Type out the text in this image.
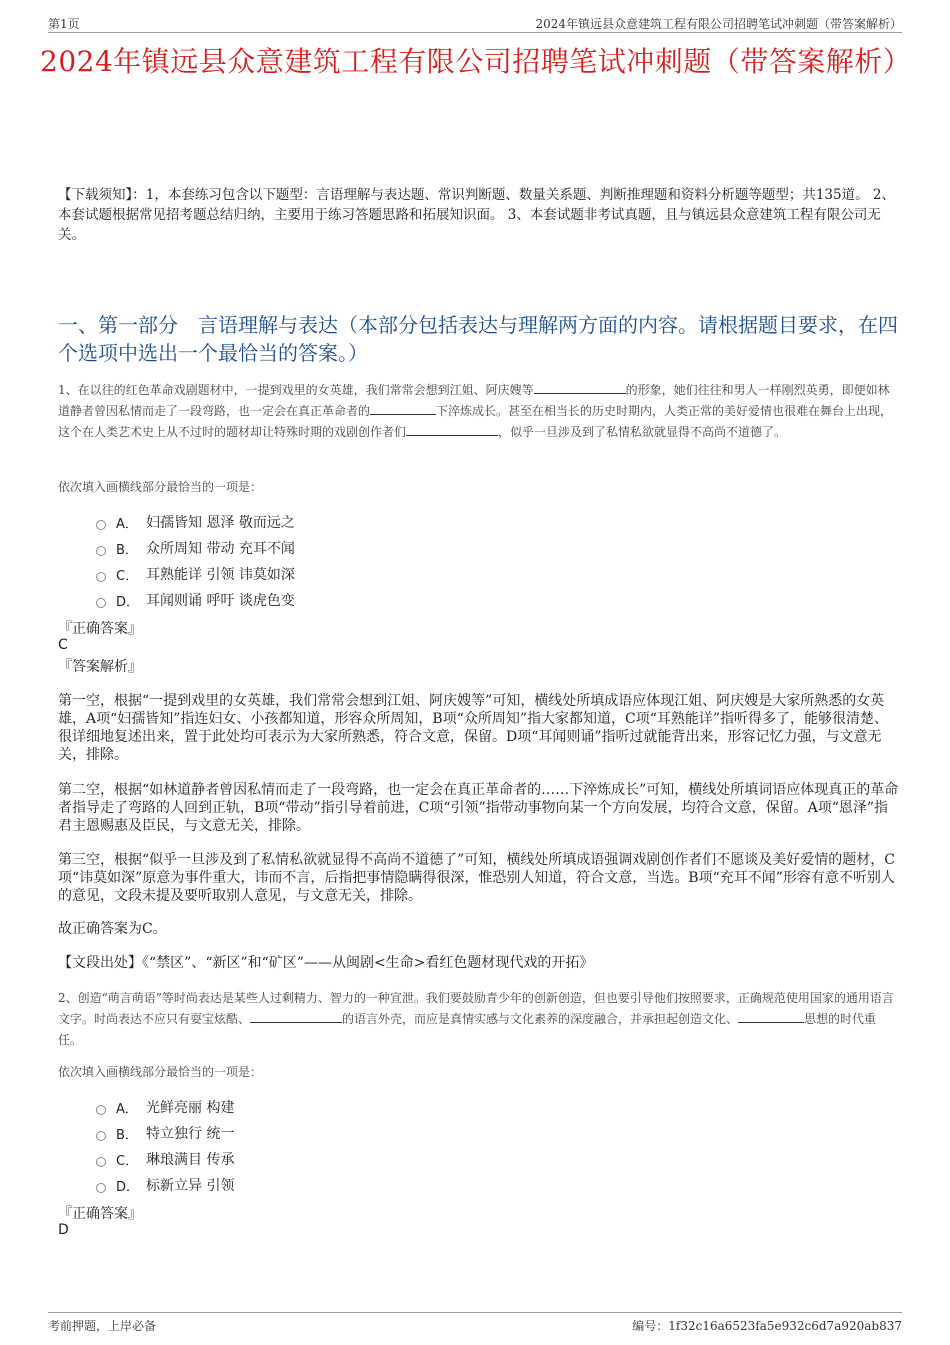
第1页	2024年镇远县众意建筑工程有限公司招聘笔试冲刺题（带答案解析）
2024年镇远县众意建筑工程有限公司招聘笔试冲刺题（带答案解析）
【下载须知】：1，本套练习包含以下题型：言语理解与表达题、常识判断题、数量关系题、判断推理题和资料分析题等题型；共135道。 2、本套试题根据常见招考题总结归纳，主要用于练习答题思路和拓展知识面。 3、本套试题非考试真题，且与镇远县众意建筑工程有限公司无关。
一、第一部分　言语理解与表达（本部分包括表达与理解两方面的内容。请根据题目要求，在四个选项中选出一个最恰当的答案。）
1、在以往的红色革命戏剧题材中，一提到戏里的女英雄，我们常常会想到江姐、阿庆嫂等	的形象，她们往往和男人一样刚烈英勇，即便如林道静者曾因私情而走了一段弯路，也一定会在真正革命者的	下淬炼成长。甚至在相当长的历史时期内，人类正常的美好爱情也很难在舞台上出现，这个在人类艺术史上从不过时的题材却让特殊时期的戏剧创作者们	，似乎一旦涉及到了私情私欲就显得不高尚不道德了。
依次填入画横线部分最恰当的一项是：
A． 妇孺皆知 恩泽 敬而远之
B． 众所周知 带动 充耳不闻
C． 耳熟能详 引领 讳莫如深
D． 耳闻则诵 呼吁 谈虎色变
『正确答案』
C
『答案解析』
第一空，根据“一提到戏里的女英雄，我们常常会想到江姐、阿庆嫂等”可知，横线处所填成语应体现江姐、阿庆嫂是大家所熟悉的女英雄，A项“妇孺皆知”指连妇女、小孩都知道，形容众所周知，B项“众所周知”指大家都知道，C项“耳熟能详”指听得多了，能够很清楚、很详细地复述出来，置于此处均可表示为大家所熟悉，符合文意，保留。D项“耳闻则诵”指听过就能背出来，形容记忆力强，与文意无关，排除。
第二空，根据“如林道静者曾因私情而走了一段弯路，也一定会在真正革命者的……下淬炼成长”可知，横线处所填词语应体现真正的革命者指导走了弯路的人回到正轨，B项“带动”指引导着前进，C项“引领”指带动事物向某一个方向发展，均符合文意，保留。A项“恩泽”指君主恩赐惠及臣民，与文意无关，排除。
第三空，根据“似乎一旦涉及到了私情私欲就显得不高尚不道德了”可知，横线处所填成语强调戏剧创作者们不愿谈及美好爱情的题材，C项“讳莫如深”原意为事件重大，讳而不言，后指把事情隐瞒得很深，惟恐别人知道，符合文意，当选。B项“充耳不闻”形容有意不听别人的意见，文段未提及要听取别人意见，与文意无关，排除。
故正确答案为C。
【文段出处】《“禁区”、“新区”和“矿区”——从闽剧<生命>看红色题材现代戏的开拓》
2、创造“萌言萌语”等时尚表达是某些人过剩精力、智力的一种宣泄。我们要鼓励青少年的创新创造，但也要引导他们按照要求，正确规范使用国家的通用语言文字。时尚表达不应只有耍宝炫酷、	的语言外壳，而应是真情实感与文化素养的深度融合，并承担起创造文化、	思想的时代重任。
依次填入画横线部分最恰当的一项是：
A． 光鲜亮丽 构建
B． 特立独行 统一
C． 琳琅满目 传承
D． 标新立异 引领
『正确答案』
D
考前押题，上岸必备	编号：1f32c16a6523fa5e932c6d7a920ab837
